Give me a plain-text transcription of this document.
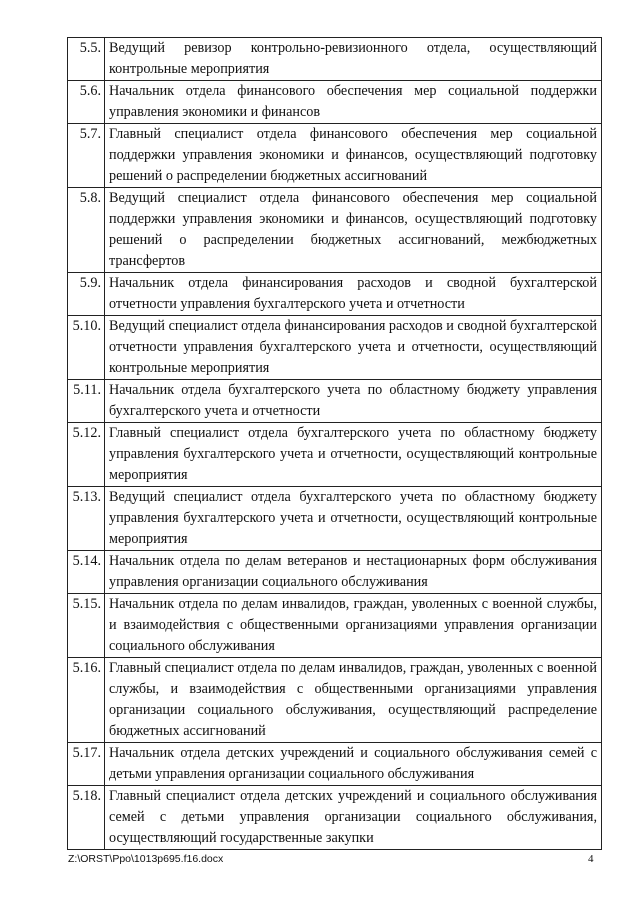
5.5.	Ведущий ревизор контрольно-ревизионного отдела, осуществляющий контрольные мероприятия
5.6.	Начальник отдела финансового обеспечения мер социальной поддержки управления экономики и финансов
5.7.	Главный специалист отдела финансового обеспечения мер социальной поддержки управления экономики и финансов, осуществляющий подготовку решений о распределении бюджетных ассигнований
5.8.	Ведущий специалист отдела финансового обеспечения мер социальной поддержки управления экономики и финансов, осуществляющий подготовку решений о распределении бюджетных ассигнований, межбюджетных трансфертов
5.9.	Начальник отдела финансирования расходов и сводной бухгалтерской отчетности управления бухгалтерского учета и отчетности
5.10.	Ведущий специалист отдела финансирования расходов и сводной бухгалтерской отчетности управления бухгалтерского учета и отчетности, осуществляющий контрольные мероприятия
5.11.	Начальник отдела бухгалтерского учета по областному бюджету управления бухгалтерского учета и отчетности
5.12.	Главный специалист отдела бухгалтерского учета по областному бюджету управления бухгалтерского учета и отчетности, осуществляющий контрольные мероприятия
5.13.	Ведущий специалист отдела бухгалтерского учета по областному бюджету управления бухгалтерского учета и отчетности, осуществляющий контрольные мероприятия
5.14.	Начальник отдела по делам ветеранов и нестационарных форм обслуживания управления организации социального обслуживания
5.15.	Начальник отдела по делам инвалидов, граждан, уволенных с военной службы, и взаимодействия с общественными организациями управления организации социального обслуживания
5.16.	Главный специалист отдела по делам инвалидов, граждан, уволенных с военной службы, и взаимодействия с общественными организациями управления организации социального обслуживания, осуществляющий распределение бюджетных ассигнований
5.17.	Начальник отдела детских учреждений и социального обслуживания семей с детьми управления организации социального обслуживания
5.18.	Главный специалист отдела детских учреждений и социального обслуживания семей с детьми управления организации социального обслуживания, осуществляющий государственные закупки
Z:\ORST\Ppo\1013p695.f16.docx	4
